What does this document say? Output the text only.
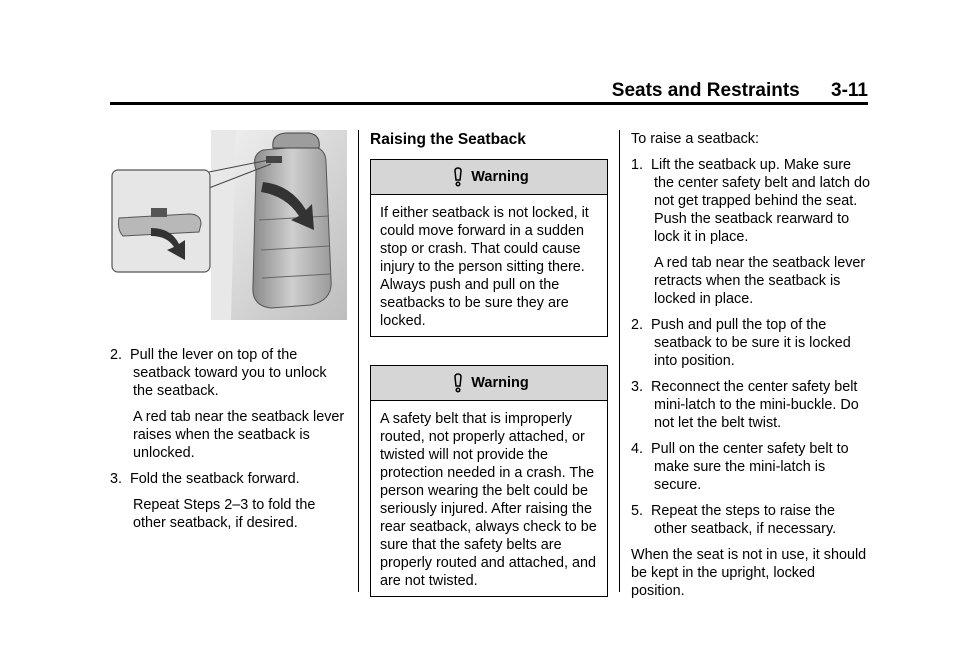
Seats and Restraints 3-11
2. Pull the lever on top of the seatback toward you to unlock the seatback.
A red tab near the seatback lever raises when the seatback is unlocked.
3. Fold the seatback forward.
Repeat Steps 2–3 to fold the other seatback, if desired.
Raising the Seatback
Warning
If either seatback is not locked, it could move forward in a sudden stop or crash. That could cause injury to the person sitting there. Always push and pull on the seatbacks to be sure they are locked.
Warning
A safety belt that is improperly routed, not properly attached, or twisted will not provide the protection needed in a crash. The person wearing the belt could be seriously injured. After raising the rear seatback, always check to be sure that the safety belts are properly routed and attached, and are not twisted.

To raise a seatback:

1. Lift the seatback up. Make sure the center safety belt and latch do not get trapped behind the seat. Push the seatback rearward to lock it in place.
A red tab near the seatback lever retracts when the seatback is locked in place.
2. Push and pull the top of the seatback to be sure it is locked into position.
3. Reconnect the center safety belt mini-latch to the mini-buckle. Do not let the belt twist.
4. Pull on the center safety belt to make sure the mini-latch is secure.
5. Repeat the steps to raise the other seatback, if necessary.

When the seat is not in use, it should be kept in the upright, locked position.
